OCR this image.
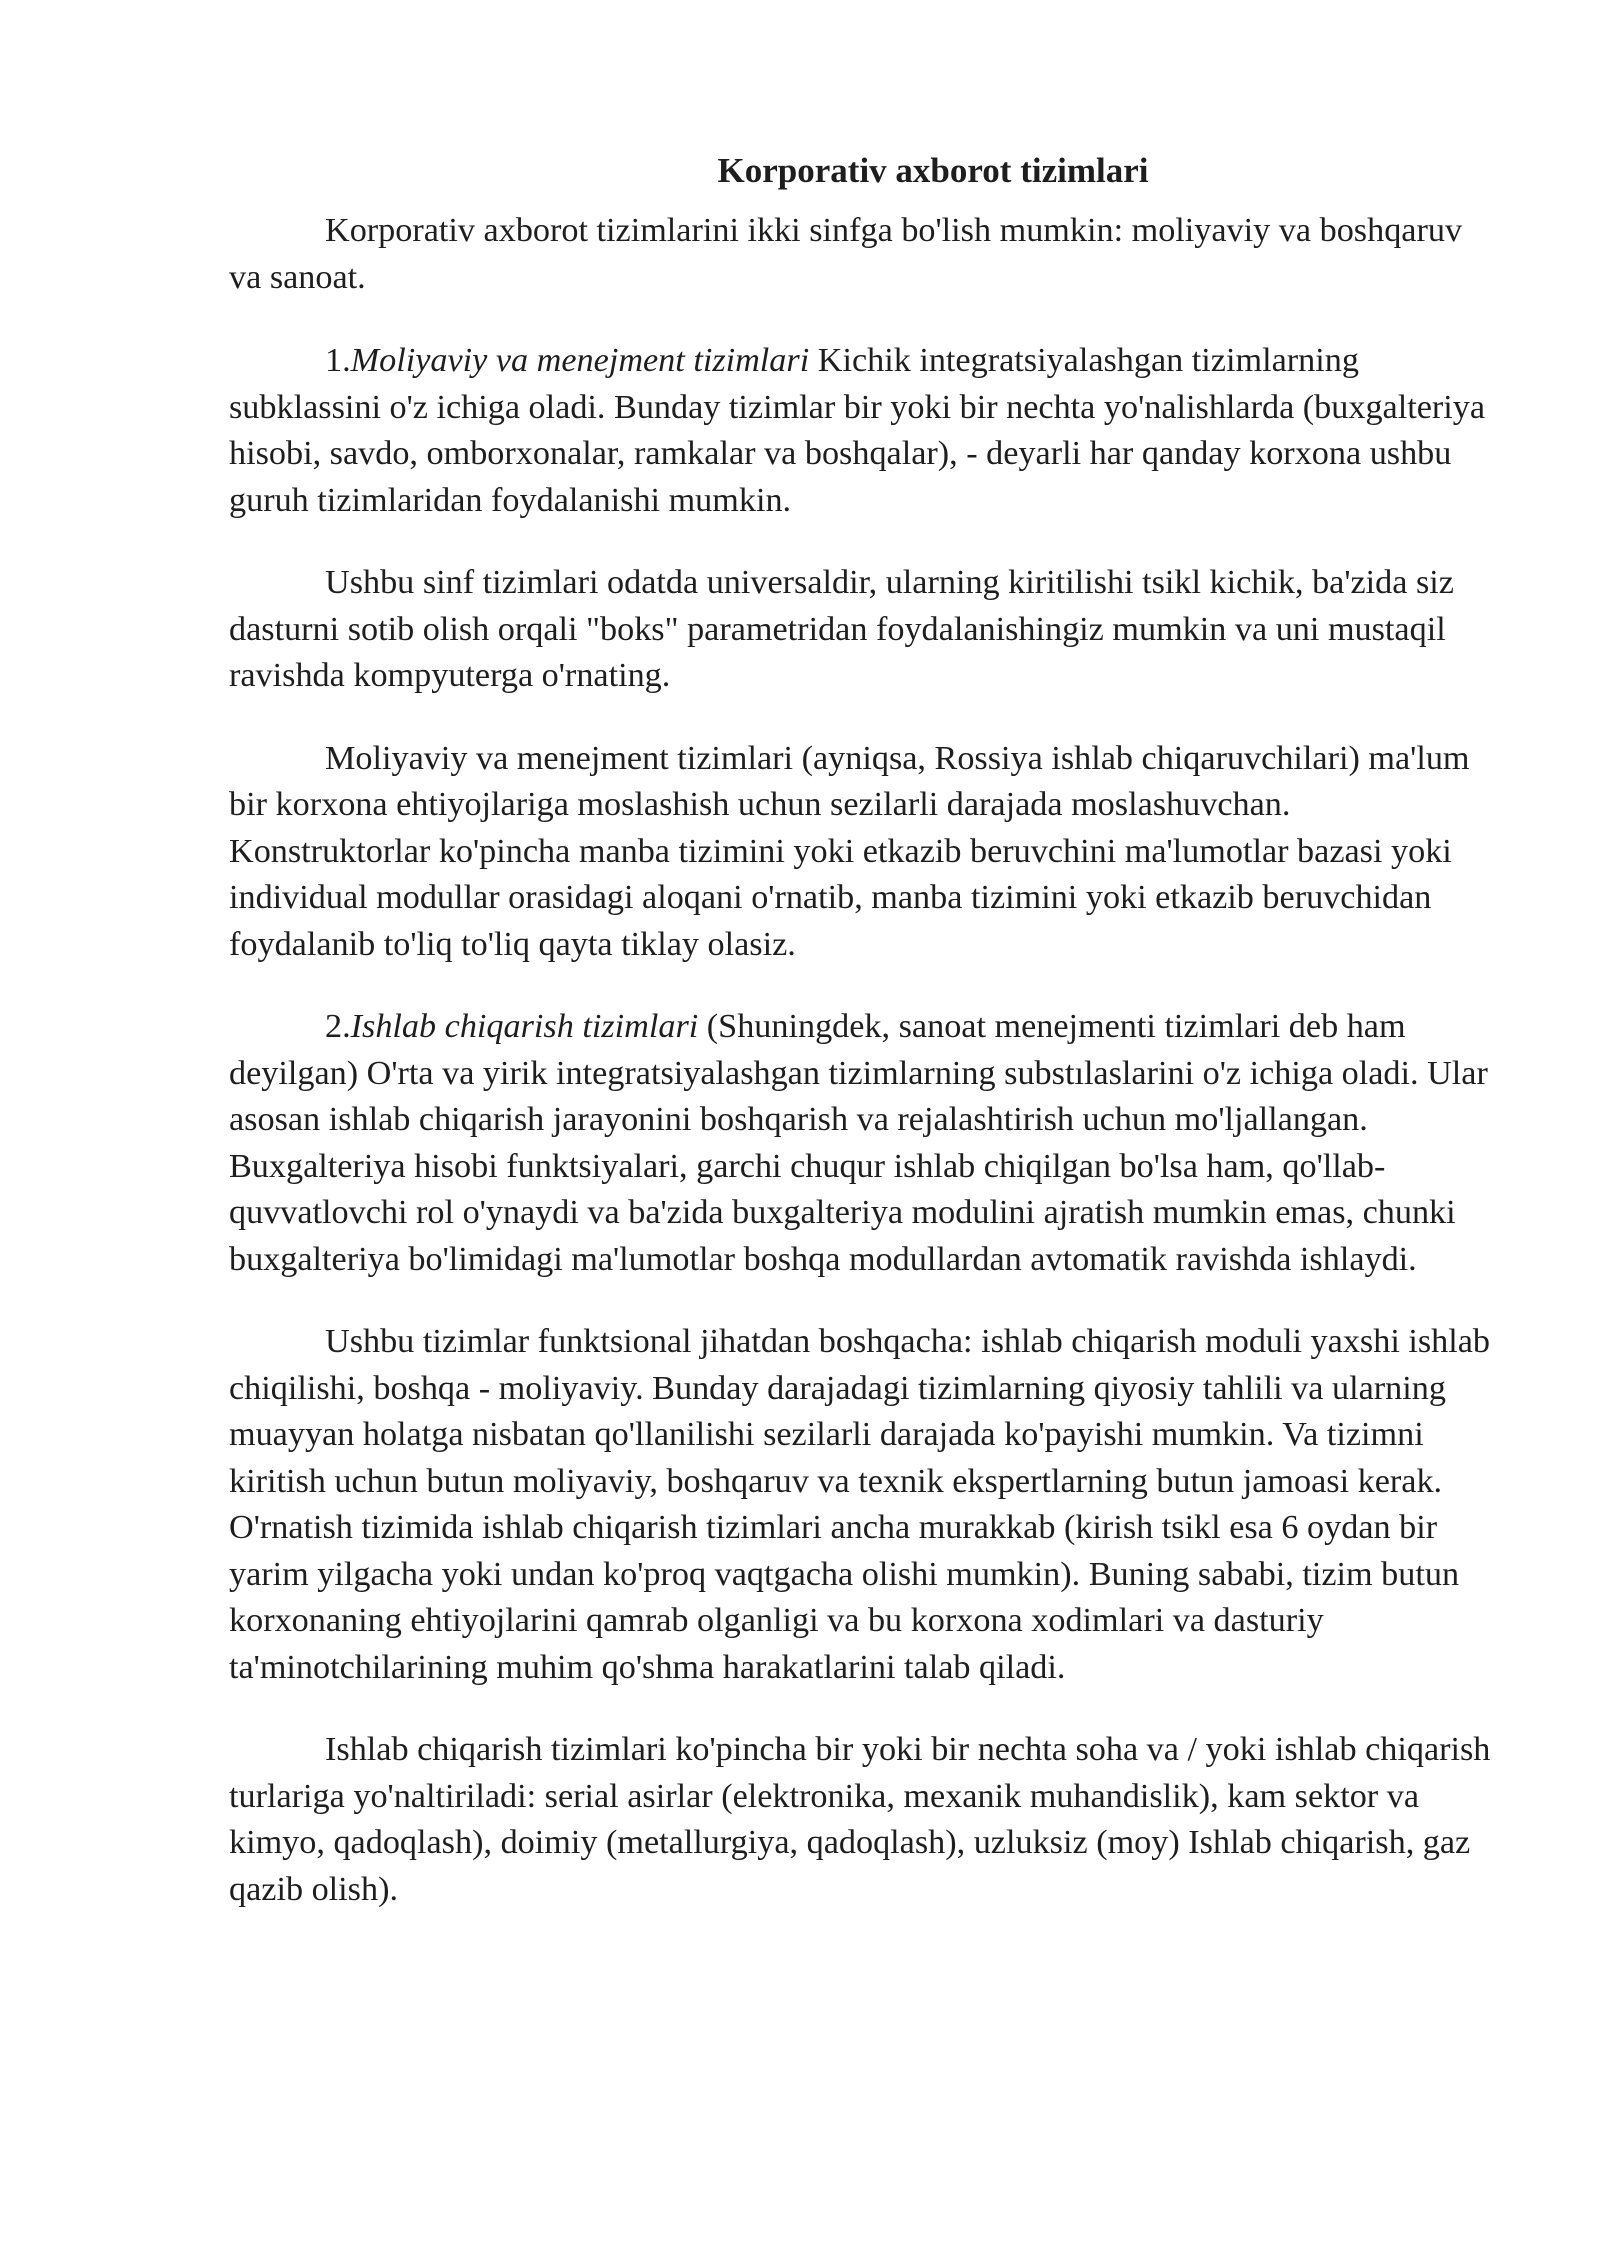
Korporativ axborot tizimlari

Korporativ axborot tizimlarini ikki sinfga bo'lish mumkin: moliyaviy va boshqaruv va sanoat.

1.Moliyaviy va menejment tizimlari Kichik integratsiyalashgan tizimlarning subklassini o'z ichiga oladi. Bunday tizimlar bir yoki bir nechta yo'nalishlarda (buxgalteriya hisobi, savdo, omborxonalar, ramkalar va boshqalar), - deyarli har qanday korxona ushbu guruh tizimlaridan foydalanishi mumkin.

Ushbu sinf tizimlari odatda universaldir, ularning kiritilishi tsikl kichik, ba'zida siz dasturni sotib olish orqali "boks" parametridan foydalanishingiz mumkin va uni mustaqil ravishda kompyuterga o'rnating.

Moliyaviy va menejment tizimlari (ayniqsa, Rossiya ishlab chiqaruvchilari) ma'lum bir korxona ehtiyojlariga moslashish uchun sezilarli darajada moslashuvchan. Konstruktorlar ko'pincha manba tizimini yoki etkazib beruvchini ma'lumotlar bazasi yoki individual modullar orasidagi aloqani o'rnatib, manba tizimini yoki etkazib beruvchidan foydalanib to'liq to'liq qayta tiklay olasiz.

2.Ishlab chiqarish tizimlari (Shuningdek, sanoat menejmenti tizimlari deb ham deyilgan) O'rta va yirik integratsiyalashgan tizimlarning substılaslarini o'z ichiga oladi. Ular asosan ishlab chiqarish jarayonini boshqarish va rejalashtirish uchun mo'ljallangan. Buxgalteriya hisobi funktsiyalari, garchi chuqur ishlab chiqilgan bo'lsa ham, qo'llab-quvvatlovchi rol o'ynaydi va ba'zida buxgalteriya modulini ajratish mumkin emas, chunki buxgalteriya bo'limidagi ma'lumotlar boshqa modullardan avtomatik ravishda ishlaydi.

Ushbu tizimlar funktsional jihatdan boshqacha: ishlab chiqarish moduli yaxshi ishlab chiqilishi, boshqa - moliyaviy. Bunday darajadagi tizimlarning qiyosiy tahlili va ularning muayyan holatga nisbatan qo'llanilishi sezilarli darajada ko'payishi mumkin. Va tizimni kiritish uchun butun moliyaviy, boshqaruv va texnik ekspertlarning butun jamoasi kerak. O'rnatish tizimida ishlab chiqarish tizimlari ancha murakkab (kirish tsikl esa 6 oydan bir yarim yilgacha yoki undan ko'proq vaqtgacha olishi mumkin). Buning sababi, tizim butun korxonaning ehtiyojlarini qamrab olganligi va bu korxona xodimlari va dasturiy ta'minotchilarining muhim qo'shma harakatlarini talab qiladi.

Ishlab chiqarish tizimlari ko'pincha bir yoki bir nechta soha va / yoki ishlab chiqarish turlariga yo'naltiriladi: serial asirlar (elektronika, mexanik muhandislik), kam sektor va kimyo, qadoqlash), doimiy (metallurgiya, qadoqlash), uzluksiz (moy) Ishlab chiqarish, gaz qazib olish).
